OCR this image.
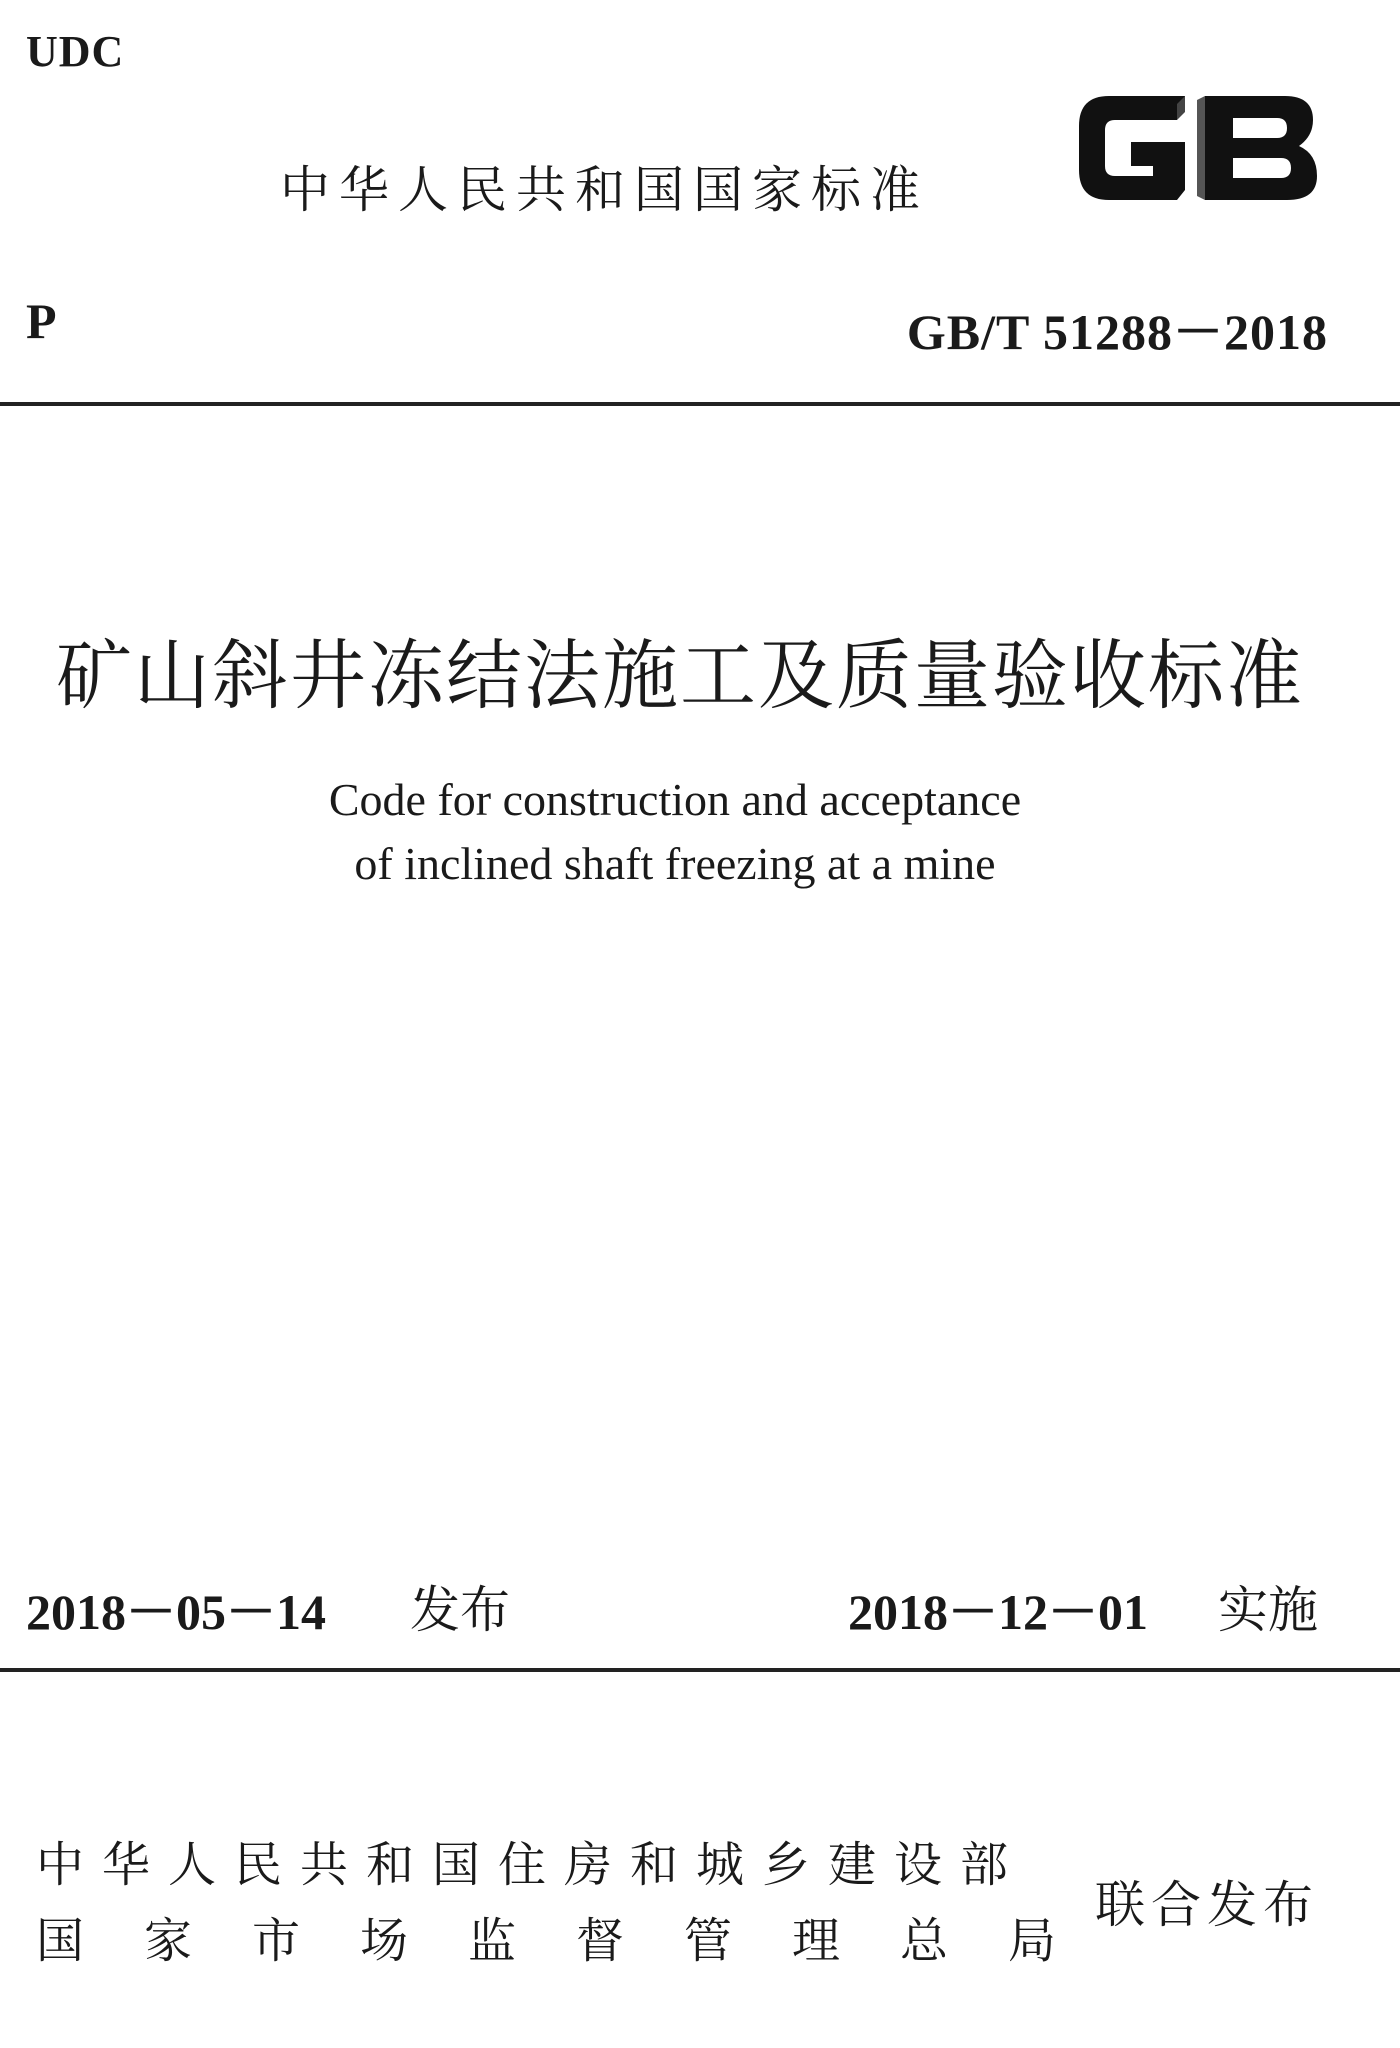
UDC
中华人民共和国国家标准
P	GB/T 51288－2018
矿山斜井冻结法施工及质量验收标准
Code for construction and acceptance
of inclined shaft freezing at a mine
2018－05－14 发布	2018－12－01 实施
中华人民共和国住房和城乡建设部
国家市场监督管理总局
联合发布
